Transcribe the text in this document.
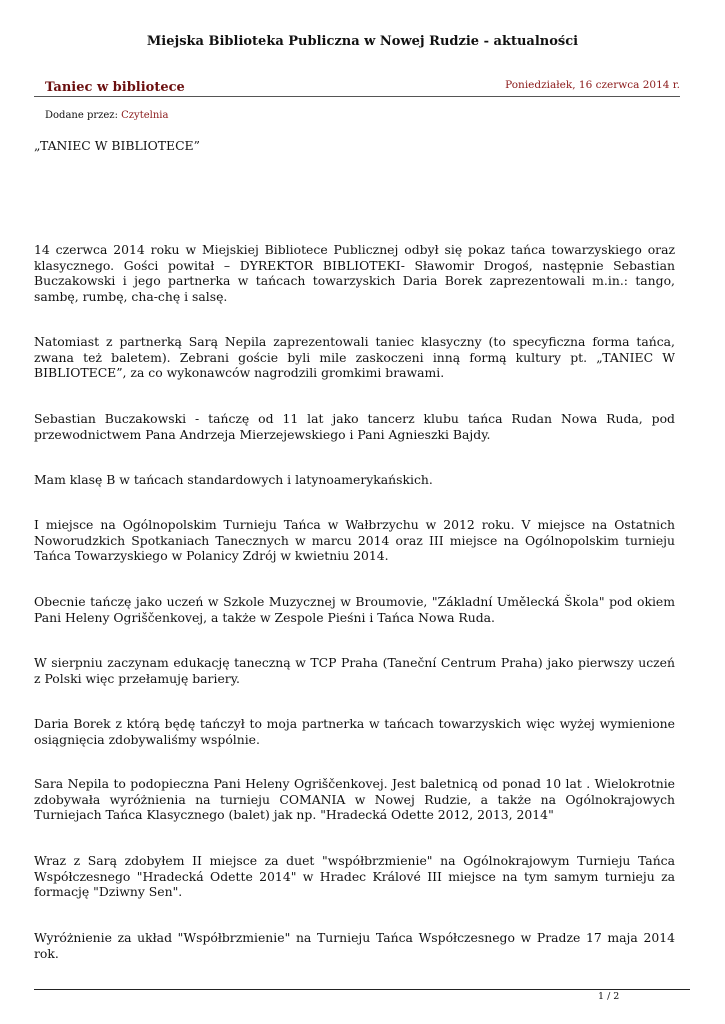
Miejska Biblioteka Publiczna w Nowej Rudzie - aktualności
Taniec w bibliotece	Poniedziałek, 16 czerwca 2014 r.
Dodane przez: Czytelnia
„TANIEC W BIBLIOTECE”
14 czerwca 2014 roku w Miejskiej Bibliotece Publicznej odbył się pokaz tańca towarzyskiego oraz klasycznego. Gości powitał – DYREKTOR BIBLIOTEKI- Sławomir Drogoś, następnie Sebastian Buczakowski i jego partnerka w tańcach towarzyskich Daria Borek zaprezentowali m.in.: tango, sambę, rumbę, cha-chę i salsę.
Natomiast z partnerką Sarą Nepila zaprezentowali taniec klasyczny (to specyficzna forma tańca, zwana też baletem). Zebrani goście byli mile zaskoczeni inną formą kultury pt. „TANIEC W BIBLIOTECE”, za co wykonawców nagrodzili gromkimi brawami.
Sebastian Buczakowski - tańczę od 11 lat jako tancerz klubu tańca Rudan Nowa Ruda, pod przewodnictwem Pana Andrzeja Mierzejewskiego i Pani Agnieszki Bajdy.
Mam klasę B w tańcach standardowych i latynoamerykańskich.
I miejsce na Ogólnopolskim Turnieju Tańca w Wałbrzychu w 2012 roku. V miejsce na Ostatnich Noworudzkich Spotkaniach Tanecznych w marcu 2014 oraz III miejsce na Ogólnopolskim turnieju Tańca Towarzyskiego w Polanicy Zdrój w kwietniu 2014.
Obecnie tańczę jako uczeń w Szkole Muzycznej w Broumovie, "Základní Umělecká Škola" pod okiem Pani Heleny Ogriščenkovej, a także w Zespole Pieśni i Tańca Nowa Ruda.
W sierpniu zaczynam edukację taneczną w TCP Praha (Taneční Centrum Praha) jako pierwszy uczeń z Polski więc przełamuję bariery.
Daria Borek z którą będę tańczył to moja partnerka w tańcach towarzyskich więc wyżej wymienione osiągnięcia zdobywaliśmy wspólnie.
Sara Nepila to podopieczna Pani Heleny Ogriščenkovej. Jest baletnicą od ponad 10 lat . Wielokrotnie zdobywała wyróżnienia na turnieju COMANIA w Nowej Rudzie, a także na Ogólnokrajowych Turniejach Tańca Klasycznego (balet) jak np. "Hradecká Odette 2012, 2013, 2014"
Wraz z Sarą zdobyłem II miejsce za duet "współbrzmienie" na Ogólnokrajowym Turnieju Tańca Współczesnego "Hradecká Odette 2014" w Hradec Králové III miejsce na tym samym turnieju za formację "Dziwny Sen".
Wyróżnienie za układ "Współbrzmienie" na Turnieju Tańca Współczesnego w Pradze 17 maja 2014 rok.
1 / 2
